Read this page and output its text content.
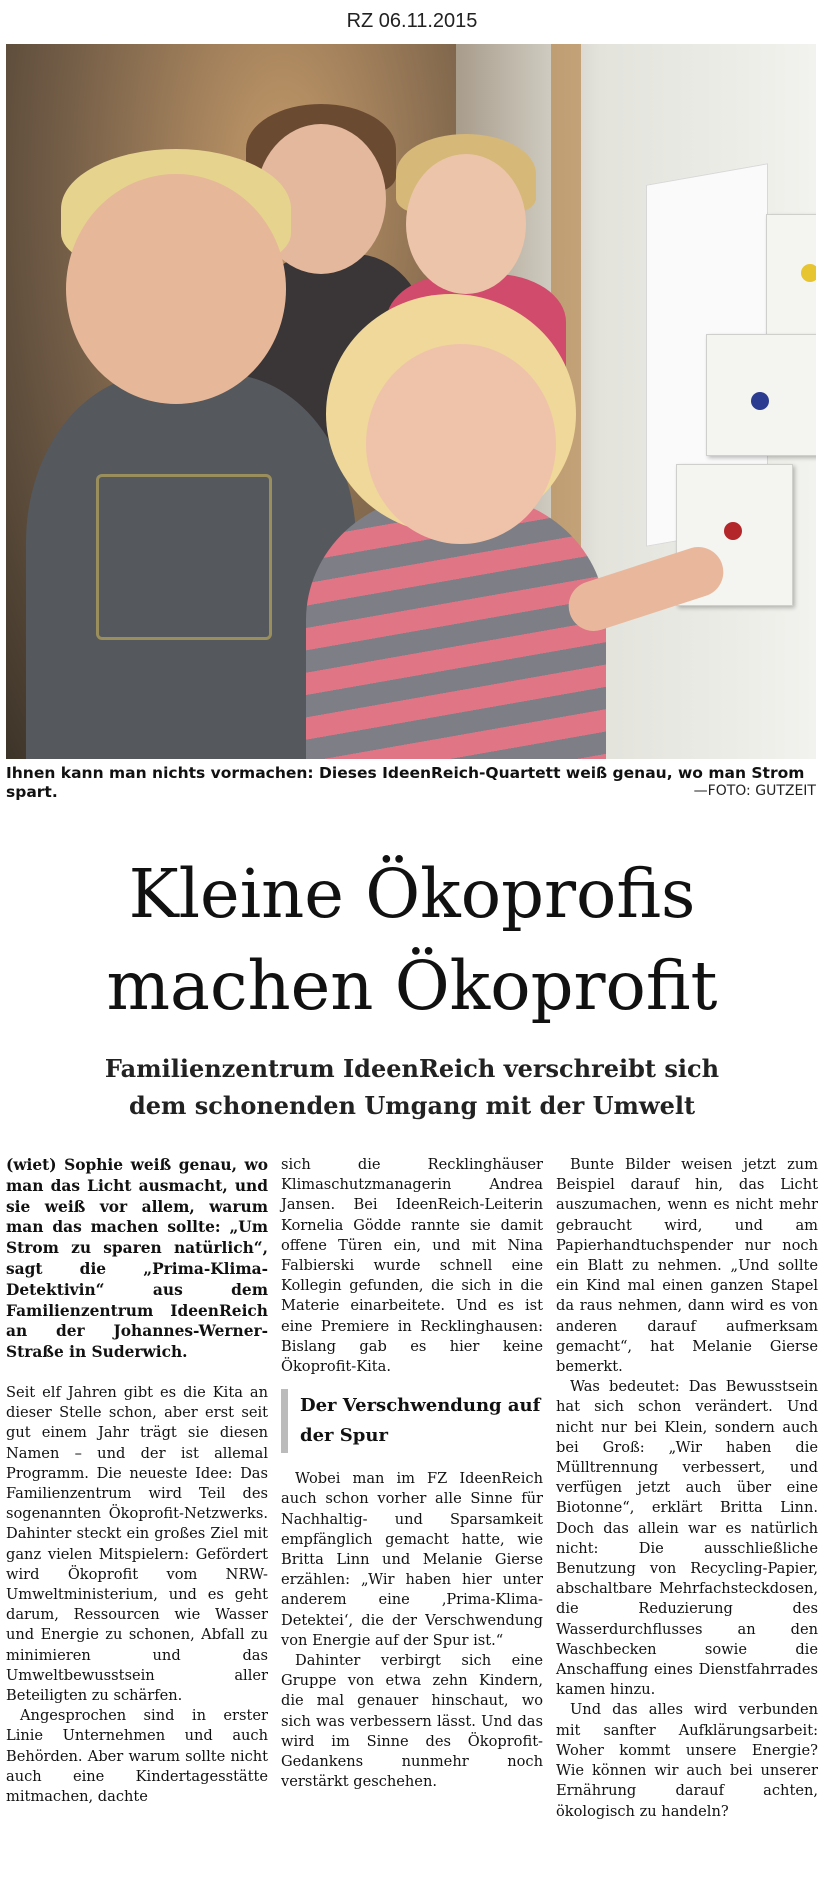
RZ 06.11.2015
Ihnen kann man nichts vormachen: Dieses IdeenReich-Quartett weiß genau, wo man Strom spart.	—FOTO: GUTZEIT
Kleine Ökoprofis
machen Ökoprofit
Familienzentrum IdeenReich verschreibt sich
dem schonenden Umgang mit der Umwelt

(wiet) Sophie weiß genau, wo man das Licht ausmacht, und sie weiß vor allem, warum man das machen sollte: „Um Strom zu sparen natürlich“, sagt die „Prima-Klima-Detektivin“ aus dem Familienzentrum IdeenReich an der Johannes-Werner-Straße in Suderwich.

Seit elf Jahren gibt es die Kita an dieser Stelle schon, aber erst seit gut einem Jahr trägt sie diesen Namen – und der ist allemal Programm. Die neueste Idee: Das Familienzentrum wird Teil des sogenannten Ökoprofit-Netzwerks. Dahinter steckt ein großes Ziel mit ganz vielen Mitspielern: Gefördert wird Ökoprofit vom NRW-Umweltministerium, und es geht darum, Ressourcen wie Wasser und Energie zu schonen, Abfall zu minimieren und das Umweltbewusstsein aller Beteiligten zu schärfen.

Angesprochen sind in erster Linie Unternehmen und auch Behörden. Aber warum sollte nicht auch eine Kindertagesstätte mitmachen, dachte

sich die Recklinghäuser Klimaschutzmanagerin Andrea Jansen. Bei IdeenReich-Leiterin Kornelia Gödde rannte sie damit offene Türen ein, und mit Nina Falbierski wurde schnell eine Kollegin gefunden, die sich in die Materie einarbeitete. Und es ist eine Premiere in Recklinghausen: Bislang gab es hier keine Ökoprofit-Kita.

Der Verschwendung auf der Spur

Wobei man im FZ IdeenReich auch schon vorher alle Sinne für Nachhaltig- und Sparsamkeit empfänglich gemacht hatte, wie Britta Linn und Melanie Gierse erzählen: „Wir haben hier unter anderem eine ‚Prima-Klima-Detektei‘, die der Verschwendung von Energie auf der Spur ist.“

Dahinter verbirgt sich eine Gruppe von etwa zehn Kindern, die mal genauer hinschaut, wo sich was verbessern lässt. Und das wird im Sinne des Ökoprofit-Gedankens nunmehr noch verstärkt geschehen.

Bunte Bilder weisen jetzt zum Beispiel darauf hin, das Licht auszumachen, wenn es nicht mehr gebraucht wird, und am Papierhandtuchspender nur noch ein Blatt zu nehmen. „Und sollte ein Kind mal einen ganzen Stapel da raus nehmen, dann wird es von anderen darauf aufmerksam gemacht“, hat Melanie Gierse bemerkt.

Was bedeutet: Das Bewusstsein hat sich schon verändert. Und nicht nur bei Klein, sondern auch bei Groß: „Wir haben die Mülltrennung verbessert, und verfügen jetzt auch über eine Biotonne“, erklärt Britta Linn. Doch das allein war es natürlich nicht: Die ausschließliche Benutzung von Recycling-Papier, abschaltbare Mehrfachsteckdosen, die Reduzierung des Wasserdurchflusses an den Waschbecken sowie die Anschaffung eines Dienstfahrrades kamen hinzu.

Und das alles wird verbunden mit sanfter Aufklärungsarbeit: Woher kommt unsere Energie? Wie können wir auch bei unserer Ernährung darauf achten, ökologisch zu handeln?
